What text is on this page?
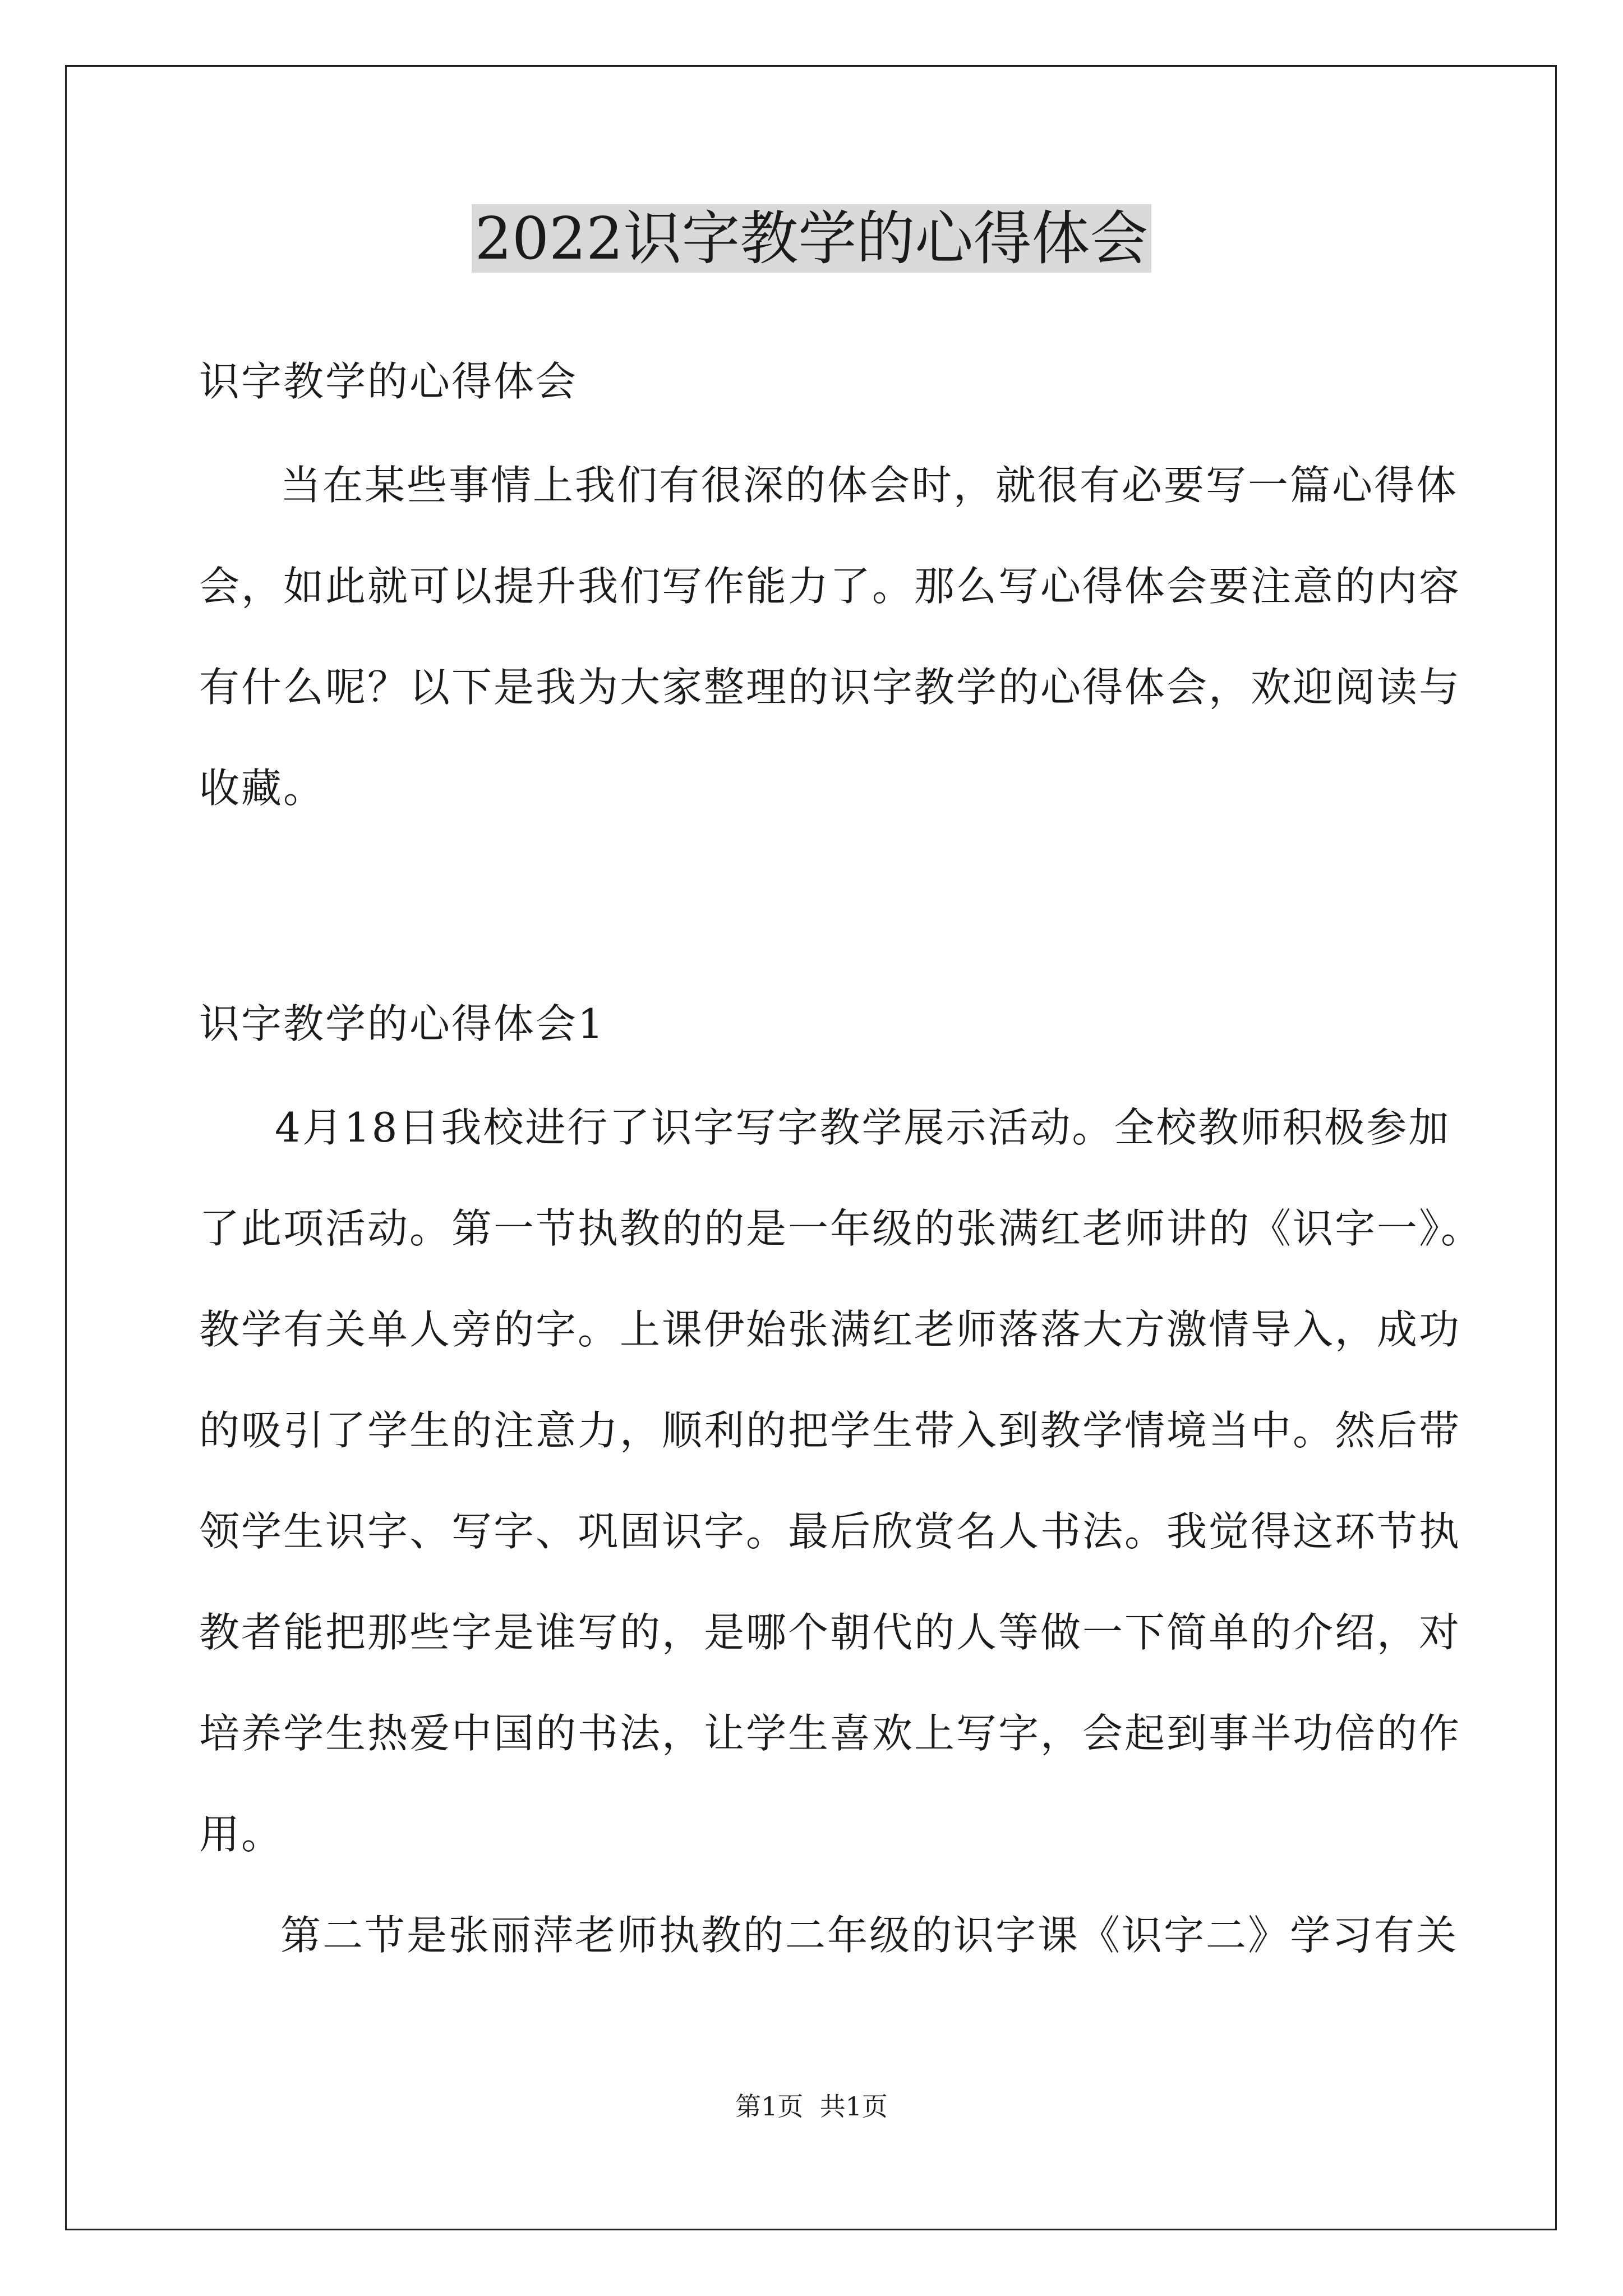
2022识字教学的心得体会
识字教学的心得体会
当在某些事情上我们有很深的体会时，就很有必要写一篇心得体
会，如此就可以提升我们写作能力了。那么写心得体会要注意的内容
有什么呢？以下是我为大家整理的识字教学的心得体会，欢迎阅读与
收藏。
识字教学的心得体会1
4月18日我校进行了识字写字教学展示活动。全校教师积极参加
了此项活动。第一节执教的的是一年级的张满红老师讲的《识字一》。
教学有关单人旁的字。上课伊始张满红老师落落大方激情导入，成功
的吸引了学生的注意力，顺利的把学生带入到教学情境当中。然后带
领学生识字、写字、巩固识字。最后欣赏名人书法。我觉得这环节执
教者能把那些字是谁写的，是哪个朝代的人等做一下简单的介绍，对
培养学生热爱中国的书法，让学生喜欢上写字，会起到事半功倍的作
用。
第二节是张丽萍老师执教的二年级的识字课《识字二》学习有关
第1页  共1页
